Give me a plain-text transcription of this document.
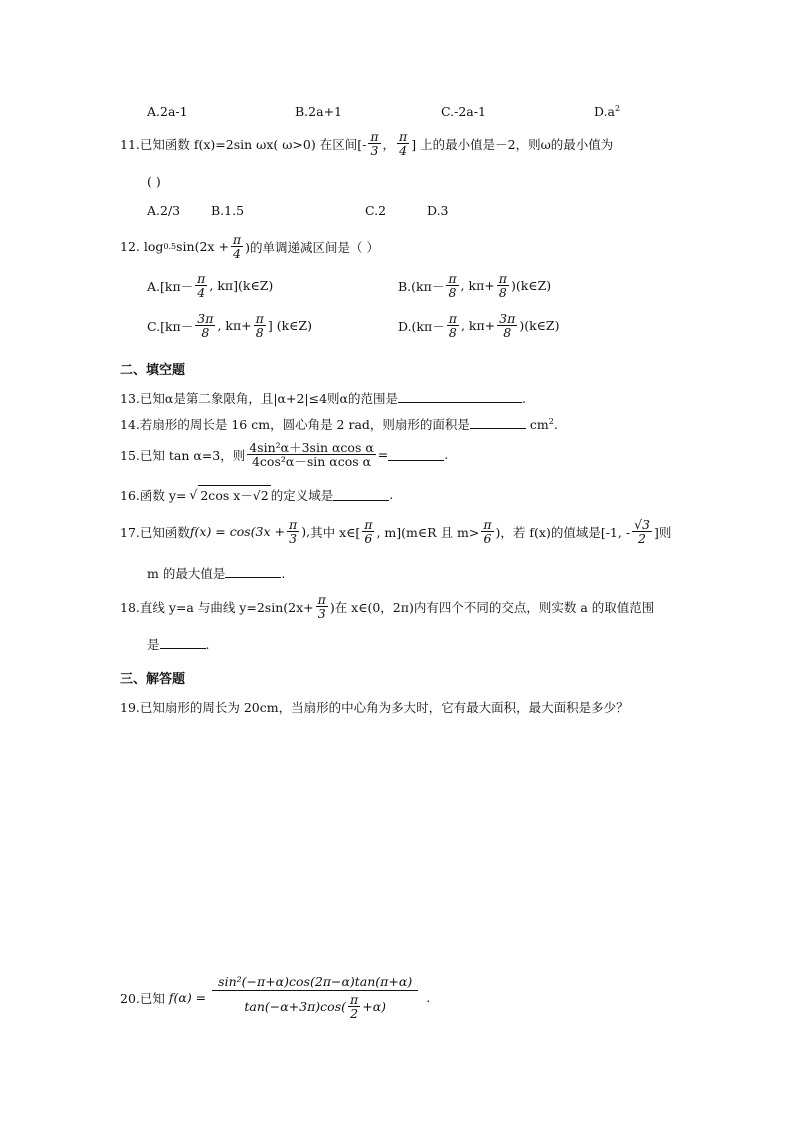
A.2a-1	B.2a+1	C.-2a-1	$D.a^2$
11.已知函数 f(x)=2sin ωx( ω>0) 在区间[- $\frac{\pi}{3}$ ， $\frac{\pi}{4}$ ] 上的最小值是－2，则ω的最小值为
( )
A.2/3 B.1.5	C.2	D.3
12. log 0.5 $\sin(2x + \frac{\pi}{4}$ )的单调递减区间是（ ）
$A.[k\pi- \frac{\pi}{4}$ , kπ](k∈Z)	$B.(k\pi- \frac{\pi}{8}$ , $k\pi+ \frac{\pi}{8}$ )(k∈Z)
$C.[k\pi- \frac{3\pi}{8}$ , $k\pi+ \frac{\pi}{8}$ ] (k∈Z)	$D.(k\pi- \frac{\pi}{8}$ , $k\pi+ \frac{3\pi}{8}$ )(k∈Z)
二、填空题
13.已知α是第二象限角，且|α+2|≤4则α的范围是	.
14.若扇形的周长是 16 cm，圆心角是 2 rad，则扇形的面积是	$cm^2$.
15.已知 tan α=3，则 $\frac{\text{4sin²α＋3sin αcos α}}{\text{4cos²α－sin αcos α}}$ =	.
16.函数 y= √ 2cos x－√2 的定义域是	.
17.已知函数 $f(x) = \cos(3x + \frac{\pi}{3}$ ), 其中 x∈[ $\frac{\pi}{6}$ , m](m∈R 且 $m> \frac{\pi}{6}$ )，若 f(x)的值域是[-1, - $\frac{√3}{2}$ ]则
m 的最大值是	.
18.直线 y=a 与曲线 $y=2\sin(2x+ \frac{\pi}{3}$ )在 x∈(0，2π)内有四个不同的交点，则实数 a 的取值范围
是	.
三、解答题
19.已知扇形的周长为 20cm，当扇形的中心角为多大时，它有最大面积，最大面积是多少？
20.已知 $f(\alpha) = \frac{\text{sin²(−π+α)cos(2π−α)tan(π+α)}}{\tan(-\alpha+3\pi)\cos( \frac{\pi}{2} +\alpha)}$ .
